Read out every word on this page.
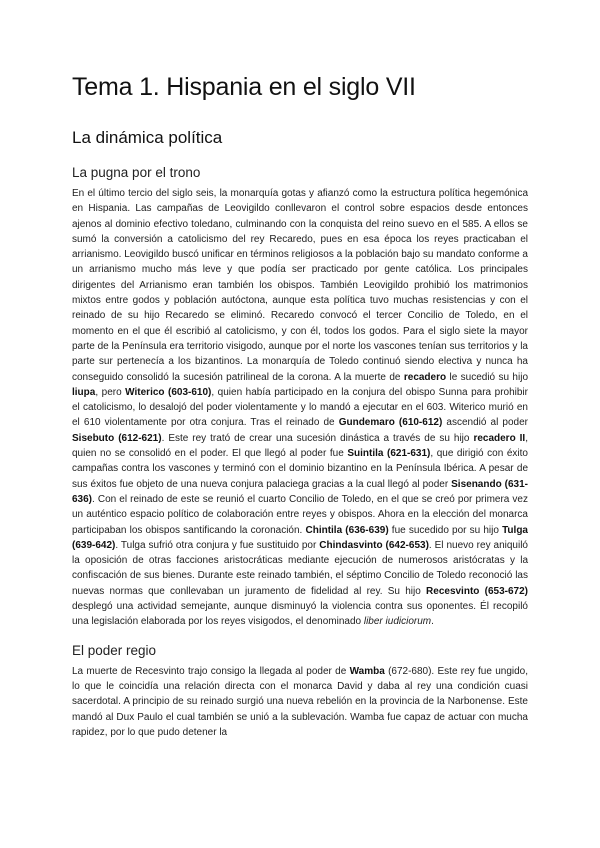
Tema 1. Hispania en el siglo VII
La dinámica política
La pugna por el trono

En el último tercio del siglo seis, la monarquía gotas y afianzó como la estructura política hegemónica en Hispania. Las campañas de Leovigildo conllevaron el control sobre espacios desde entonces ajenos al dominio efectivo toledano, culminando con la conquista del reino suevo en el 585. A ellos se sumó la conversión a catolicismo del rey Recaredo, pues en esa época los reyes practicaban el arrianismo. Leovigildo buscó unificar en términos religiosos a la población bajo su mandato conforme a un arrianismo mucho más leve y que podía ser practicado por gente católica. Los principales dirigentes del Arrianismo eran también los obispos. También Leovigildo prohibió los matrimonios mixtos entre godos y población autóctona, aunque esta política tuvo muchas resistencias y con el reinado de su hijo Recaredo se eliminó. Recaredo convocó el tercer Concilio de Toledo, en el momento en el que él escribió al catolicismo, y con él, todos los godos. Para el siglo siete la mayor parte de la Península era territorio visigodo, aunque por el norte los vascones tenían sus territorios y la parte sur pertenecía a los bizantinos. La monarquía de Toledo continuó siendo electiva y nunca ha conseguido consolidó la sucesión patrilineal de la corona. A la muerte de recadero le sucedió su hijo liupa, pero Witerico (603-610), quien había participado en la conjura del obispo Sunna para prohibir el catolicismo, lo desalojó del poder violentamente y lo mandó a ejecutar en el 603. Witerico murió en el 610 violentamente por otra conjura. Tras el reinado de Gundemaro (610-612) ascendió al poder Sisebuto (612-621). Este rey trató de crear una sucesión dinástica a través de su hijo recadero II, quien no se consolidó en el poder. El que llegó al poder fue Suintila (621-631), que dirigió con éxito campañas contra los vascones y terminó con el dominio bizantino en la Península Ibérica. A pesar de sus éxitos fue objeto de una nueva conjura palaciega gracias a la cual llegó al poder Sisenando (631-636). Con el reinado de este se reunió el cuarto Concilio de Toledo, en el que se creó por primera vez un auténtico espacio político de colaboración entre reyes y obispos. Ahora en la elección del monarca participaban los obispos santificando la coronación. Chintila (636-639) fue sucedido por su hijo Tulga (639-642). Tulga sufrió otra conjura y fue sustituido por Chindasvinto (642-653). El nuevo rey aniquiló la oposición de otras facciones aristocráticas mediante ejecución de numerosos aristócratas y la confiscación de sus bienes. Durante este reinado también, el séptimo Concilio de Toledo reconoció las nuevas normas que conllevaban un juramento de fidelidad al rey. Su hijo Recesvinto (653-672) desplegó una actividad semejante, aunque disminuyó la violencia contra sus oponentes. Él recopiló una legislación elaborada por los reyes visigodos, el denominado liber iudiciorum.

El poder regio

La muerte de Recesvinto trajo consigo la llegada al poder de Wamba (672-680). Este rey fue ungido, lo que le coincidía una relación directa con el monarca David y daba al rey una condición cuasi sacerdotal. A principio de su reinado surgió una nueva rebelión en la provincia de la Narbonense. Este mandó al Dux Paulo el cual también se unió a la sublevación. Wamba fue capaz de actuar con mucha rapidez, por lo que pudo detener la
